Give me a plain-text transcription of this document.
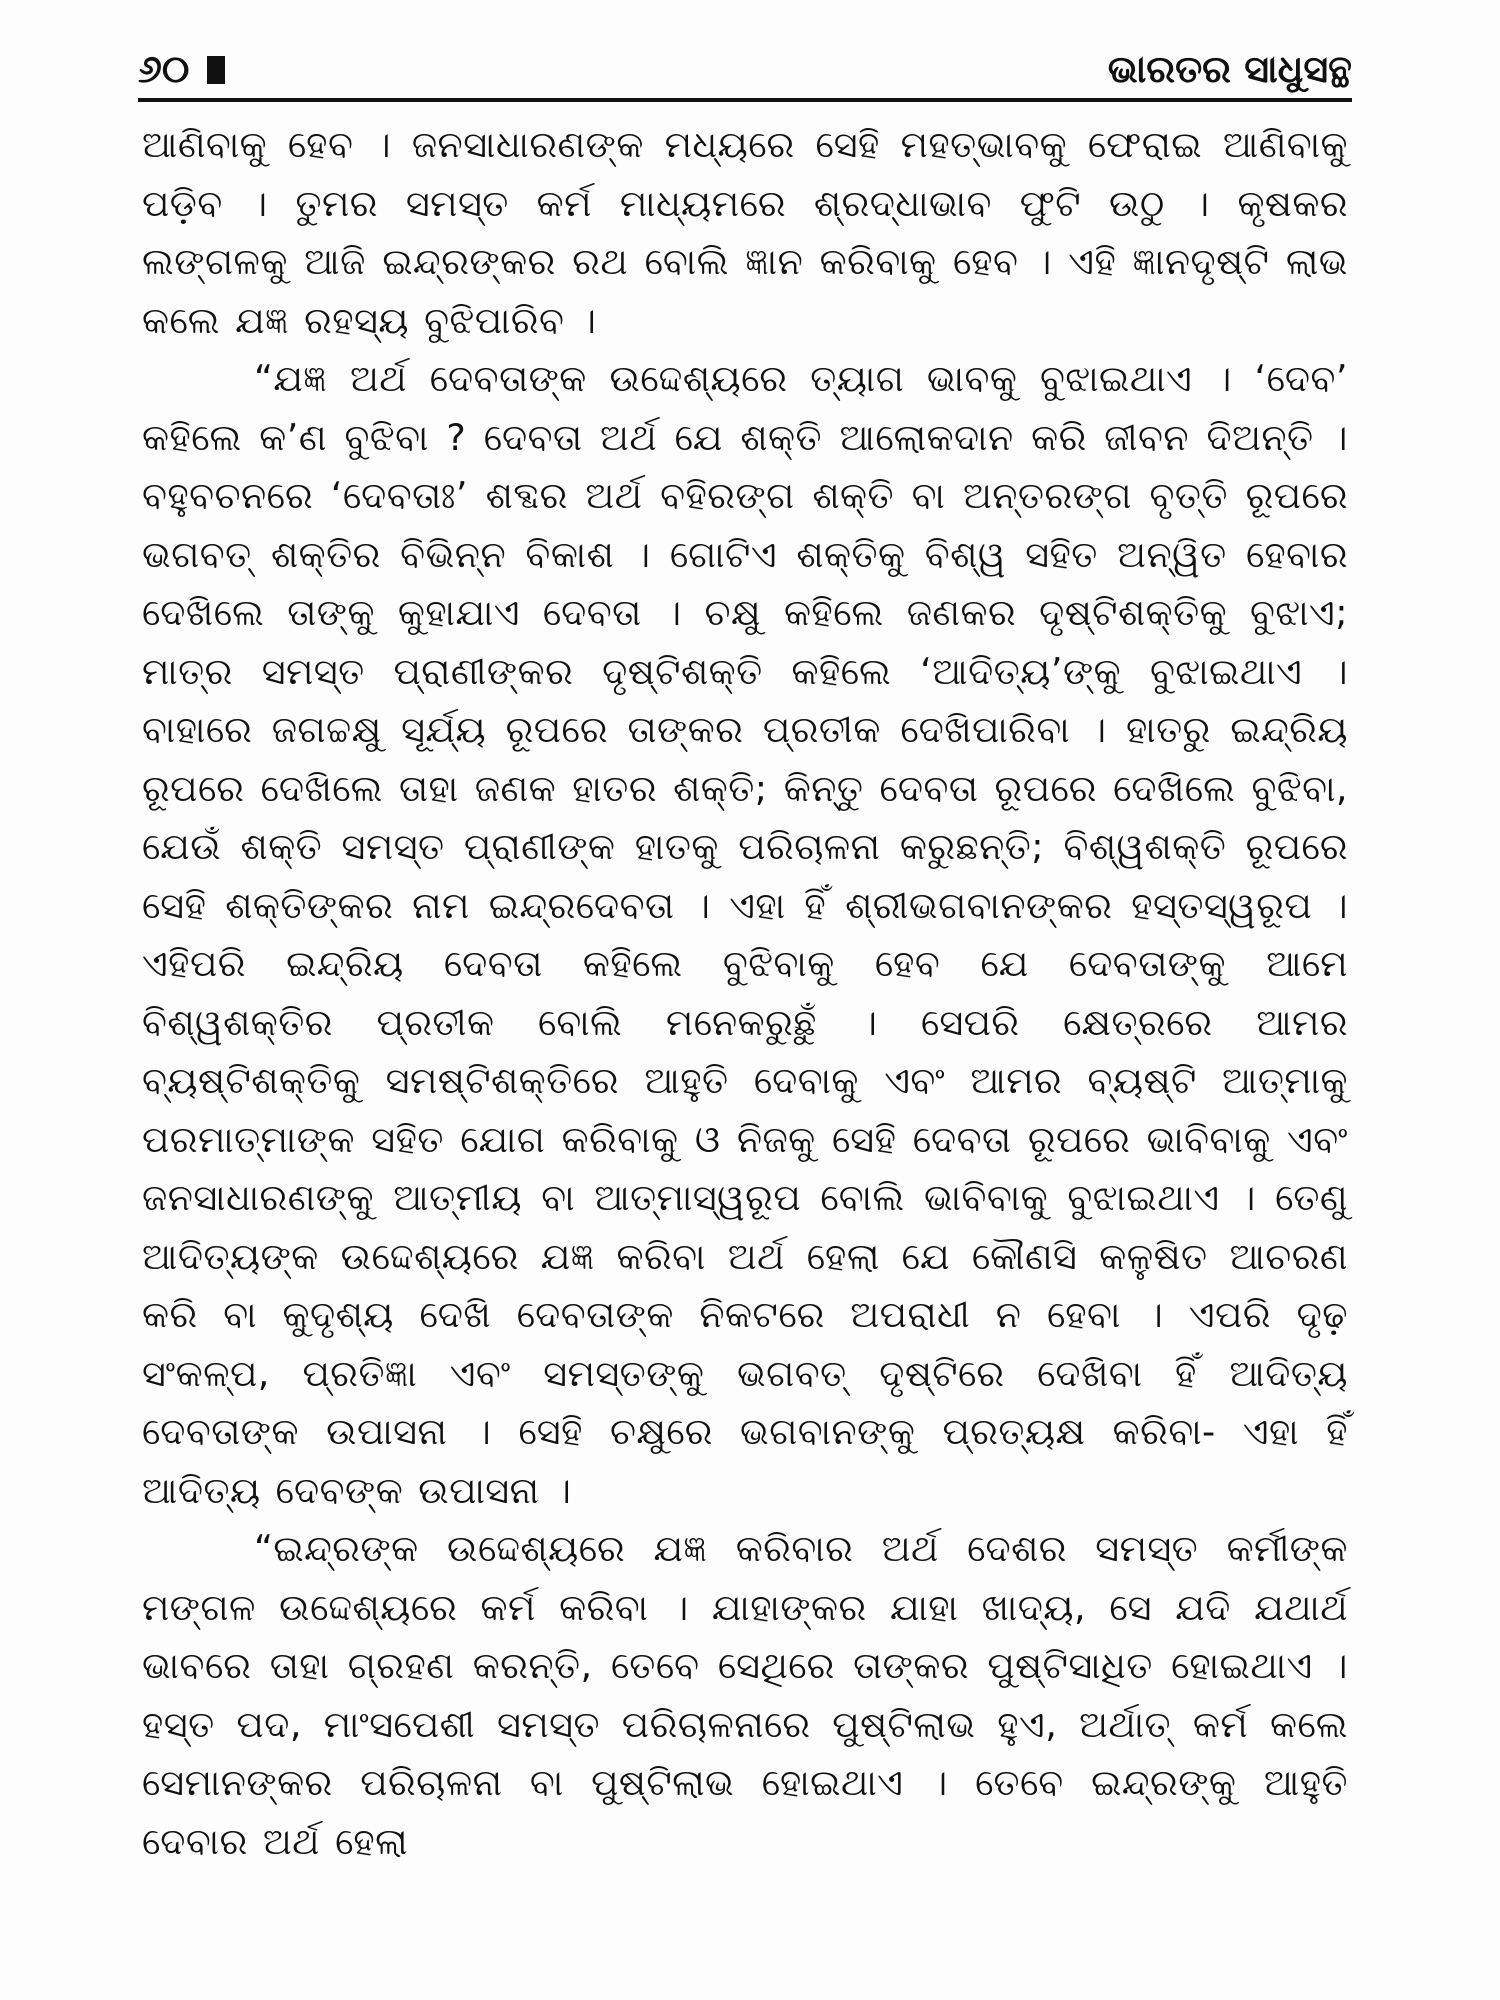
୬୦	ଭାରତର ସାଧୁସନ୍ଥ

ଆଣିବାକୁ ହେବ । ଜନସାଧାରଣଙ୍କ ମଧ୍ୟରେ ସେହି ମହତ୍‌ଭାବକୁ ଫେରାଇ ଆଣିବାକୁ ପଡ଼ିବ । ତୁମର ସମସ୍ତ କର୍ମ ମାଧ୍ୟମରେ ଶ୍ରଦ୍ଧାଭାବ ଫୁଟି ଉଠୁ । କୃଷକର ଲଙ୍ଗଳକୁ ଆଜି ଇନ୍ଦ୍ରଙ୍କର ରଥ ବୋଲି ଜ୍ଞାନ କରିବାକୁ ହେବ । ଏହି ଜ୍ଞାନଦୃଷ୍ଟି ଲାଭ କଲେ ଯଜ୍ଞ ରହସ୍ୟ ବୁଝିପାରିବ ।

“ଯଜ୍ଞ ଅର୍ଥ ଦେବତାଙ୍କ ଉଦ୍ଦେଶ୍ୟରେ ତ୍ୟାଗ ଭାବକୁ ବୁଝାଇଥାଏ । ‘ଦେବ’ କହିଲେ କ’ଣ ବୁଝିବା ? ଦେବତା ଅର୍ଥ ଯେ ଶକ୍ତି ଆଲୋକଦାନ କରି ଜୀବନ ଦିଅନ୍ତି । ବହୁବଚନରେ ‘ଦେବତାଃ’ ଶବ୍ଦର ଅର୍ଥ ବହିରଙ୍ଗ ଶକ୍ତି ବା ଅନ୍ତରଙ୍ଗ ବୃତ୍ତି ରୂପରେ ଭଗବତ୍ ଶକ୍ତିର ବିଭିନ୍ନ ବିକାଶ । ଗୋଟିଏ ଶକ୍ତିକୁ ବିଶ୍ୱ ସହିତ ଅନ୍ୱିତ ହେବାର ଦେଖିଲେ ତାଙ୍କୁ କୁହାଯାଏ ଦେବତା । ଚକ୍ଷୁ କହିଲେ ଜଣକର ଦୃଷ୍ଟିଶକ୍ତିକୁ ବୁଝାଏ; ମାତ୍ର ସମସ୍ତ ପ୍ରାଣୀଙ୍କର ଦୃଷ୍ଟିଶକ୍ତି କହିଲେ ‘ଆଦିତ୍ୟ’ଙ୍କୁ ବୁଝାଇଥାଏ । ବାହାରେ ଜଗଚ୍ଚକ୍ଷୁ ସୂର୍ଯ୍ୟ ରୂପରେ ତାଙ୍କର ପ୍ରତୀକ ଦେଖିପାରିବା । ହାତରୁ ଇନ୍ଦ୍ରିୟ ରୂପରେ ଦେଖିଲେ ତାହା ଜଣକ ହାତର ଶକ୍ତି; କିନ୍ତୁ ଦେବତା ରୂପରେ ଦେଖିଲେ ବୁଝିବା, ଯେଉଁ ଶକ୍ତି ସମସ୍ତ ପ୍ରାଣୀଙ୍କ ହାତକୁ ପରିଚାଳନା କରୁଛନ୍ତି; ବିଶ୍ୱଶକ୍ତି ରୂପରେ ସେହି ଶକ୍ତିଙ୍କର ନାମ ଇନ୍ଦ୍ରଦେବତା । ଏହା ହିଁ ଶ୍ରୀଭଗବାନଙ୍କର ହସ୍ତସ୍ୱରୂପ । ଏହିପରି ଇନ୍ଦ୍ରିୟ ଦେବତା କହିଲେ ବୁଝିବାକୁ ହେବ ଯେ ଦେବତାଙ୍କୁ ଆମେ ବିଶ୍ୱଶକ୍ତିର ପ୍ରତୀକ ବୋଲି ମନେକରୁଛୁଁ । ସେପରି କ୍ଷେତ୍ରରେ ଆମର ବ୍ୟଷ୍ଟିଶକ୍ତିକୁ ସମଷ୍ଟିଶକ୍ତିରେ ଆହୁତି ଦେବାକୁ ଏବଂ ଆମର ବ୍ୟଷ୍ଟି ଆତ୍ମାକୁ ପରମାତ୍ମାଙ୍କ ସହିତ ଯୋଗ କରିବାକୁ ଓ ନିଜକୁ ସେହି ଦେବତା ରୂପରେ ଭାବିବାକୁ ଏବଂ ଜନସାଧାରଣଙ୍କୁ ଆତ୍ମୀୟ ବା ଆତ୍ମାସ୍ୱରୂପ ବୋଲି ଭାବିବାକୁ ବୁଝାଇଥାଏ । ତେଣୁ ଆଦିତ୍ୟଙ୍କ ଉଦ୍ଦେଶ୍ୟରେ ଯଜ୍ଞ କରିବା ଅର୍ଥ ହେଲା ଯେ କୌଣସି କଳୁଷିତ ଆଚରଣ କରି ବା କୁଦୃଶ୍ୟ ଦେଖି ଦେବତାଙ୍କ ନିକଟରେ ଅପରାଧୀ ନ ହେବା । ଏପରି ଦୃଢ଼ ସଂକଳ୍ପ, ପ୍ରତିଜ୍ଞା ଏବଂ ସମସ୍ତଙ୍କୁ ଭଗବତ୍ ଦୃଷ୍ଟିରେ ଦେଖିବା ହିଁ ଆଦିତ୍ୟ ଦେବତାଙ୍କ ଉପାସନା । ସେହି ଚକ୍ଷୁରେ ଭଗବାନଙ୍କୁ ପ୍ରତ୍ୟକ୍ଷ କରିବା- ଏହା ହିଁ ଆଦିତ୍ୟ ଦେବଙ୍କ ଉପାସନା ।

“ଇନ୍ଦ୍ରଙ୍କ ଉଦ୍ଦେଶ୍ୟରେ ଯଜ୍ଞ କରିବାର ଅର୍ଥ ଦେଶର ସମସ୍ତ କର୍ମୀଙ୍କ ମଙ୍ଗଳ ଉଦ୍ଦେଶ୍ୟରେ କର୍ମ କରିବା । ଯାହାଙ୍କର ଯାହା ଖାଦ୍ୟ, ସେ ଯଦି ଯଥାର୍ଥ ଭାବରେ ତାହା ଗ୍ରହଣ କରନ୍ତି, ତେବେ ସେଥିରେ ତାଙ୍କର ପୁଷ୍ଟିସାଧିତ ହୋଇଥାଏ । ହସ୍ତ ପଦ, ମାଂସପେଶୀ ସମସ୍ତ ପରିଚାଳନାରେ ପୁଷ୍ଟିଲାଭ ହୁଏ, ଅର୍ଥାତ୍ କର୍ମ କଲେ ସେମାନଙ୍କର ପରିଚାଳନା ବା ପୁଷ୍ଟିଲାଭ ହୋଇଥାଏ । ତେବେ ଇନ୍ଦ୍ରଙ୍କୁ ଆହୁତି ଦେବାର ଅର୍ଥ ହେଲା
